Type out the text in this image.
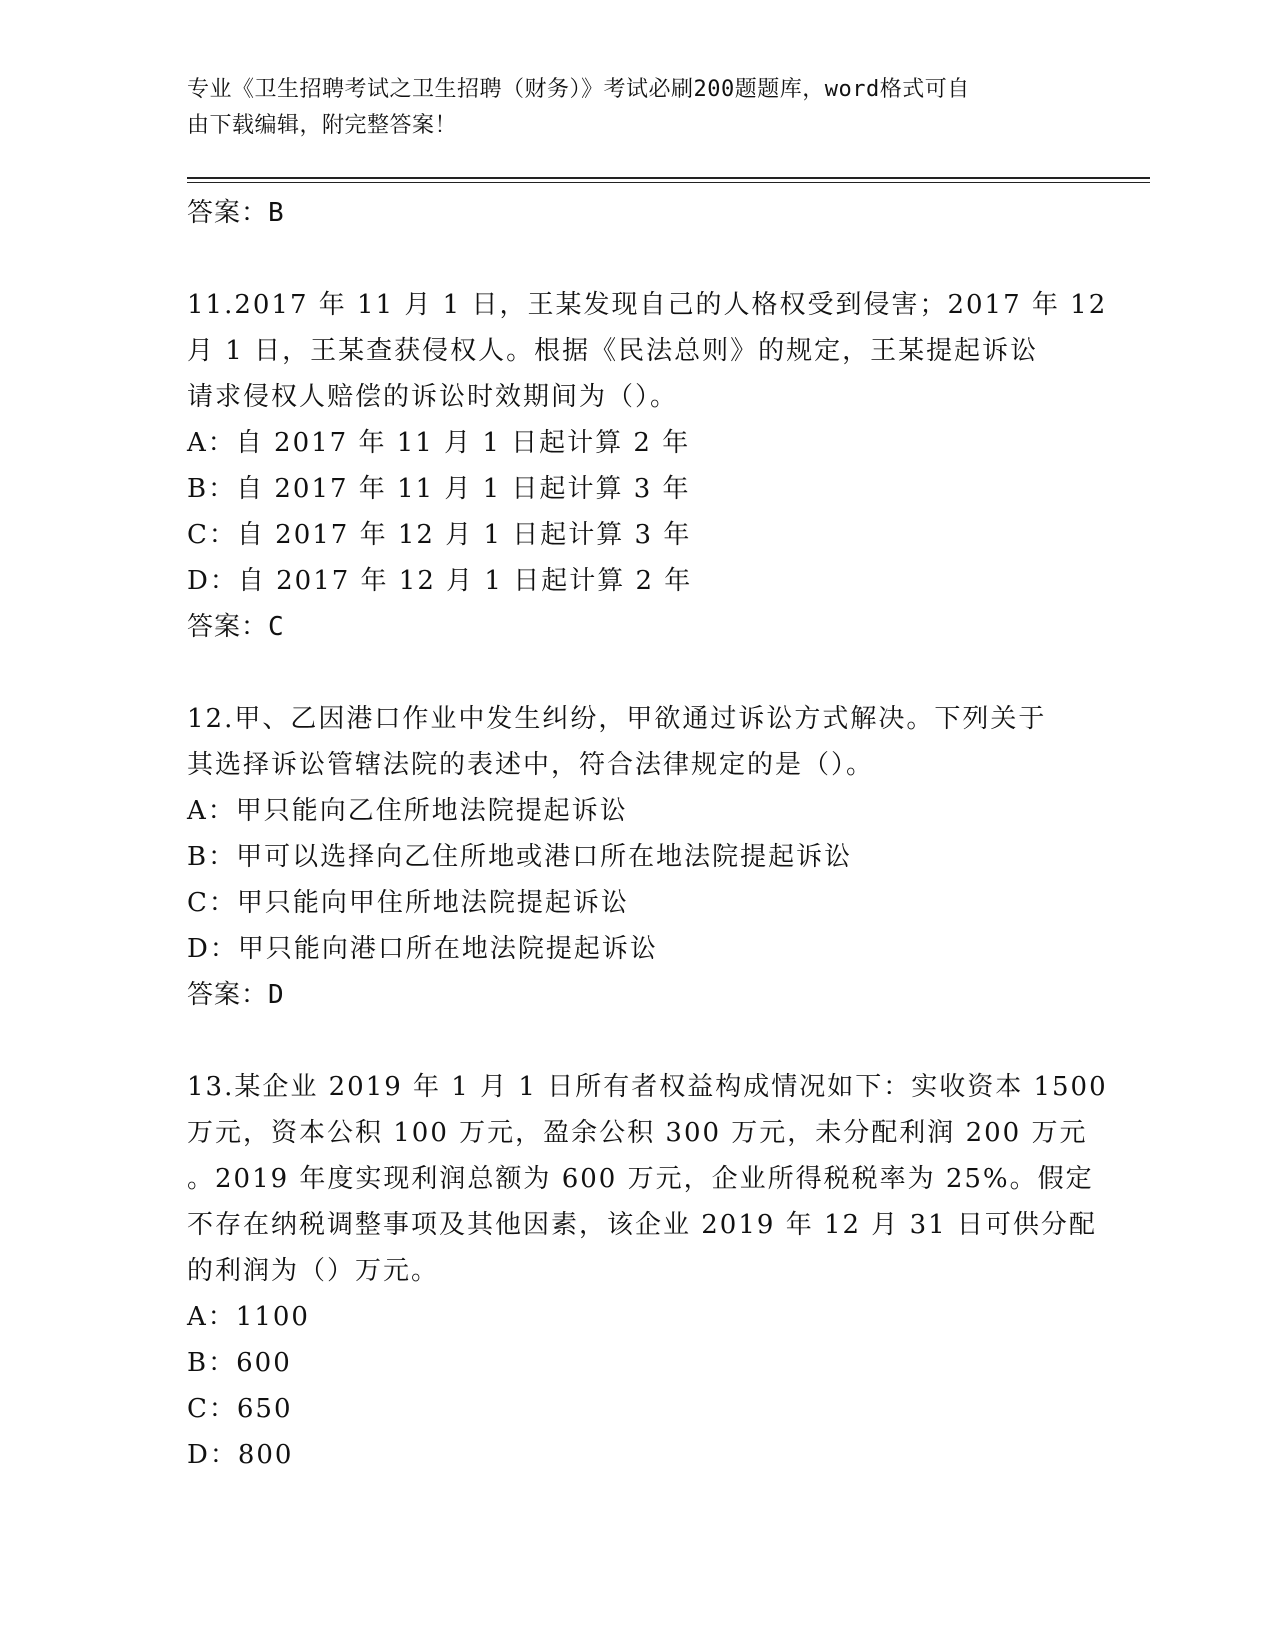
专业《卫生招聘考试之卫生招聘（财务）》考试必刷200题题库，word格式可自
由下载编辑，附完整答案！
答案：B
11.2017 年 11 月 1 日，王某发现自己的人格权受到侵害；2017 年 12
月 1 日，王某查获侵权人。根据《民法总则》的规定，王某提起诉讼
请求侵权人赔偿的诉讼时效期间为（）。
A：自 2017 年 11 月 1 日起计算 2 年
B：自 2017 年 11 月 1 日起计算 3 年
C：自 2017 年 12 月 1 日起计算 3 年
D：自 2017 年 12 月 1 日起计算 2 年
答案：C
12.甲、乙因港口作业中发生纠纷，甲欲通过诉讼方式解决。下列关于
其选择诉讼管辖法院的表述中，符合法律规定的是（）。
A：甲只能向乙住所地法院提起诉讼
B：甲可以选择向乙住所地或港口所在地法院提起诉讼
C：甲只能向甲住所地法院提起诉讼
D：甲只能向港口所在地法院提起诉讼
答案：D
13.某企业 2019 年 1 月 1 日所有者权益构成情况如下：实收资本 1500
万元，资本公积 100 万元，盈余公积 300 万元，未分配利润 200 万元
。2019 年度实现利润总额为 600 万元，企业所得税税率为 25%。假定
不存在纳税调整事项及其他因素，该企业 2019 年 12 月 31 日可供分配
的利润为（）万元。
A：1100
B：600
C：650
D：800
